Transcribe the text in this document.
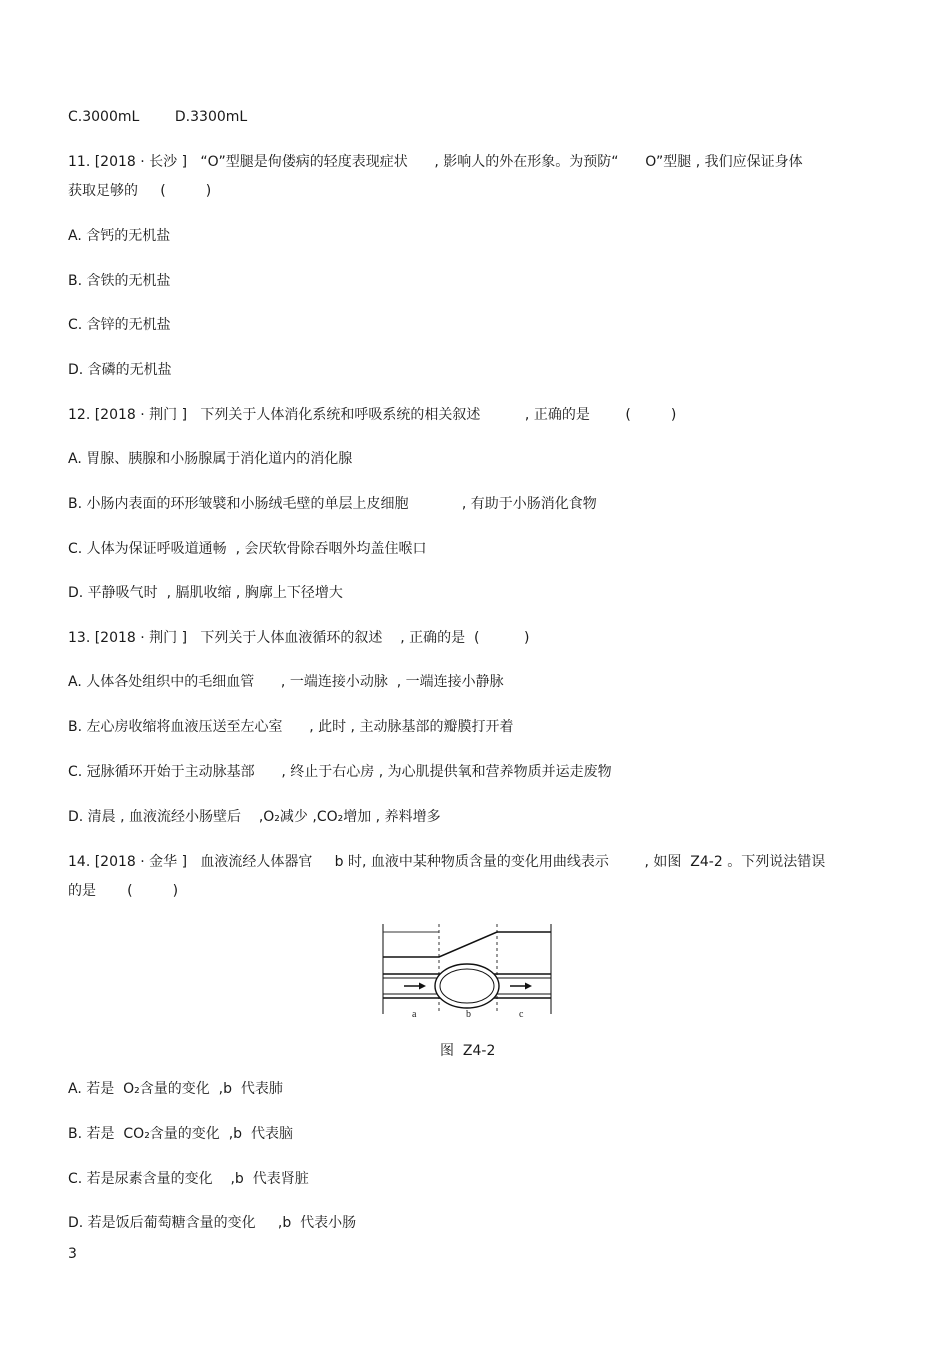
C.3000mL	D.3300mL
11. [2018 · 长沙 ]   “O”型腿是佝偻病的轻度表现症状      , 影响人的外在形象。为预防“      O”型腿 , 我们应保证身体
获取足够的     (         )
A. 含钙的无机盐
B. 含铁的无机盐
C. 含锌的无机盐
D. 含磷的无机盐
12. [2018 · 荆门 ]   下列关于人体消化系统和呼吸系统的相关叙述          , 正确的是        (         )
A. 胃腺、胰腺和小肠腺属于消化道内的消化腺
B. 小肠内表面的环形皱襞和小肠绒毛壁的单层上皮细胞            , 有助于小肠消化食物
C. 人体为保证呼吸道通畅  , 会厌软骨除吞咽外均盖住喉口
D. 平静吸气时  , 膈肌收缩 , 胸廓上下径增大
13. [2018 · 荆门 ]   下列关于人体血液循环的叙述    , 正确的是  (          )
A. 人体各处组织中的毛细血管      , 一端连接小动脉  , 一端连接小静脉
B. 左心房收缩将血液压送至左心室      , 此时 , 主动脉基部的瓣膜打开着
C. 冠脉循环开始于主动脉基部      , 终止于右心房 , 为心肌提供氧和营养物质并运走废物
D. 清晨 , 血液流经小肠壁后    ,O₂减少 ,CO₂增加 , 养料增多
14. [2018 · 金华 ]   血液流经人体器官     b 时, 血液中某种物质含量的变化用曲线表示        , 如图  Z4-2 。下列说法错误
的是       (         )
a	b	c
图  Z4-2
A. 若是  O₂含量的变化  ,b  代表肺
B. 若是  CO₂含量的变化  ,b  代表脑
C. 若是尿素含量的变化    ,b  代表肾脏
D. 若是饭后葡萄糖含量的变化     ,b  代表小肠
3
